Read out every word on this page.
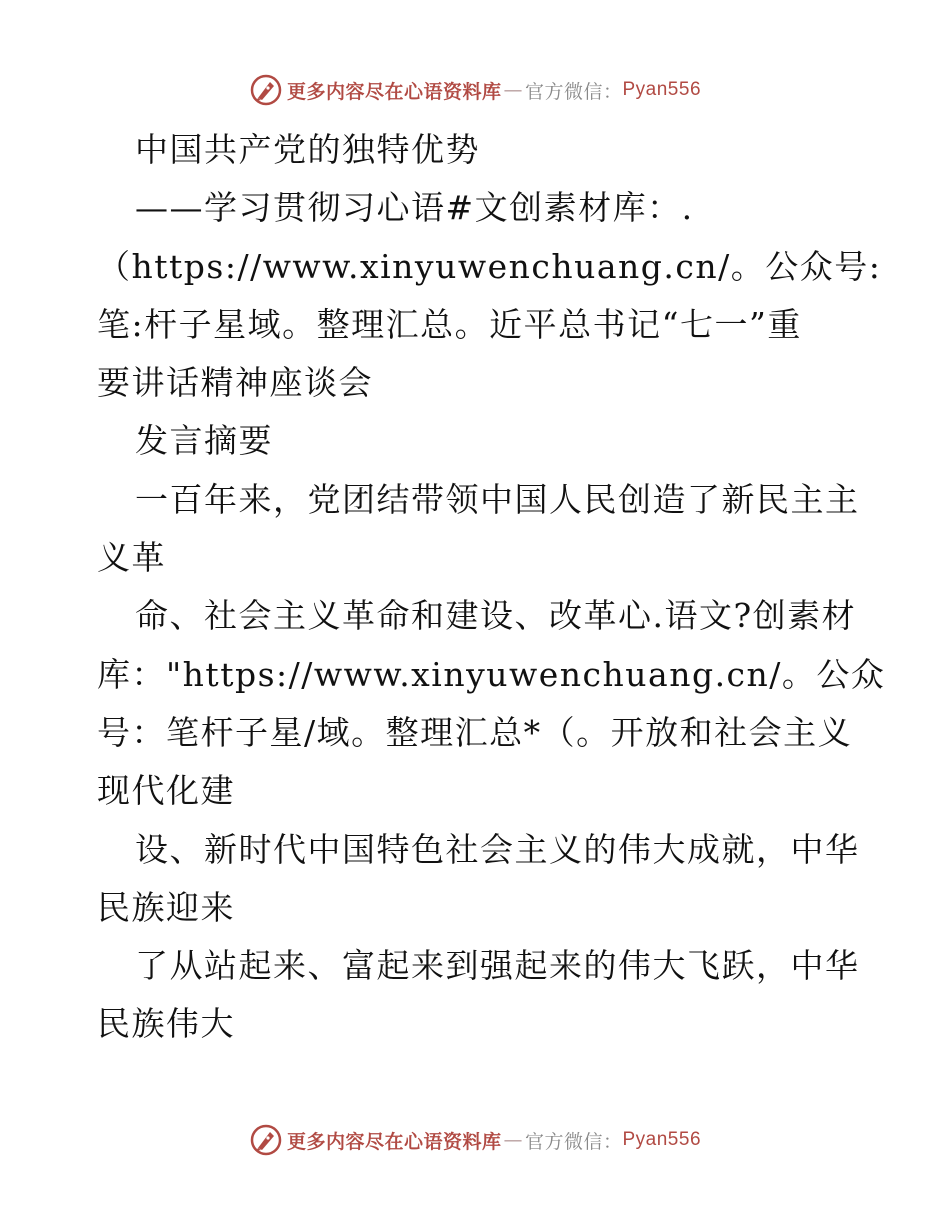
更多内容尽在心语资料库 — 官方微信： Pyan556
中国共产党的独特优势
——学习贯彻习心语#文创素材库：.
（https://www.xinyuwenchuang.cn/。公众号:
笔:杆子星域。整理汇总。近平总书记“七一”重
要讲话精神座谈会
发言摘要
一百年来，党团结带领中国人民创造了新民主主
义革
命、社会主义革命和建设、改革心.语文?创素材
库："https://www.xinyuwenchuang.cn/。公众
号：笔杆子星/域。整理汇总*（。开放和社会主义
现代化建
设、新时代中国特色社会主义的伟大成就，中华
民族迎来
了从站起来、富起来到强起来的伟大飞跃，中华
民族伟大
更多内容尽在心语资料库 — 官方微信： Pyan556
